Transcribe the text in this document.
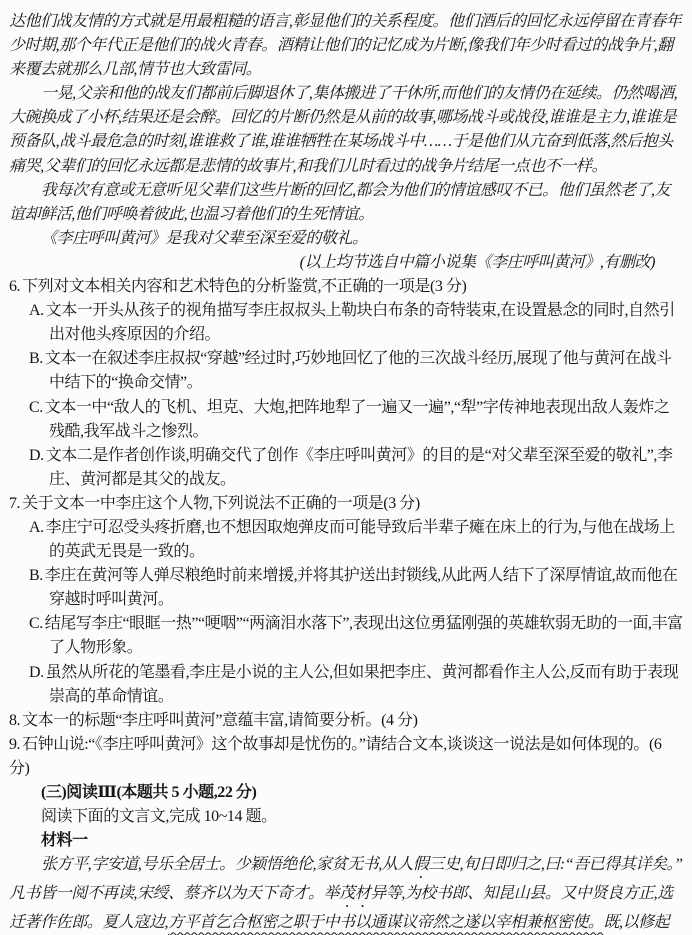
达他们战友情的方式就是用最粗糙的语言,彰显他们的关系程度。他们酒后的回忆永远停留在青春年少时期,那个年代正是他们的战火青春。酒精让他们的记忆成为片断,像我们年少时看过的战争片,翻来覆去就那么几部,情节也大致雷同。

一晃,父亲和他的战友们都前后脚退休了,集体搬进了干休所,而他们的友情仍在延续。仍然喝酒,大碗换成了小杯,结果还是会醉。回忆的片断仍然是从前的故事,哪场战斗或战役,谁谁是主力,谁谁是预备队,战斗最危急的时刻,谁谁救了谁,谁谁牺牲在某场战斗中……于是他们从亢奋到低落,然后抱头痛哭,父辈们的回忆永远都是悲情的故事片,和我们儿时看过的战争片结尾一点也不一样。

我每次有意或无意听见父辈们这些片断的回忆,都会为他们的情谊感叹不已。他们虽然老了,友谊却鲜活,他们呼唤着彼此,也温习着他们的生死情谊。

《李庄呼叫黄河》是我对父辈至深至爱的敬礼。

(以上均节选自中篇小说集《李庄呼叫黄河》,有删改)

6. 下列对文本相关内容和艺术特色的分析鉴赏,不正确的一项是(3 分)
A. 文本一开头从孩子的视角描写李庄叔叔头上勒块白布条的奇特装束,在设置悬念的同时,自然引出对他头疼原因的介绍。
B. 文本一在叙述李庄叔叔“穿越”经过时,巧妙地回忆了他的三次战斗经历,展现了他与黄河在战斗中结下的“换命交情”。
C. 文本一中“敌人的飞机、坦克、大炮,把阵地犁了一遍又一遍”,“犁”字传神地表现出敌人轰炸之残酷,我军战斗之惨烈。
D. 文本二是作者创作谈,明确交代了创作《李庄呼叫黄河》的目的是“对父辈至深至爱的敬礼”,李庄、黄河都是其父的战友。
7. 关于文本一中李庄这个人物,下列说法不正确的一项是(3 分)
A. 李庄宁可忍受头疼折磨,也不想因取炮弹皮而可能导致后半辈子瘫在床上的行为,与他在战场上的英武无畏是一致的。
B. 李庄在黄河等人弹尽粮绝时前来增援,并将其护送出封锁线,从此两人结下了深厚情谊,故而他在穿越时呼叫黄河。
C. 结尾写李庄“眼眶一热”“哽咽”“两滴泪水落下”,表现出这位勇猛刚强的英雄软弱无助的一面,丰富了人物形象。
D. 虽然从所花的笔墨看,李庄是小说的主人公,但如果把李庄、黄河都看作主人公,反而有助于表现崇高的革命情谊。
8. 文本一的标题“李庄呼叫黄河”意蕴丰富,请简要分析。(4 分)
9. 石钟山说:“《李庄呼叫黄河》这个故事却是忧伤的。”请结合文本,谈谈这一说法是如何体现的。(6 分)
(三)阅读Ⅲ(本题共 5 小题,22 分)
阅读下面的文言文,完成 10~14 题。
材料一

张方平,字安道,号乐全居士。少颖悟绝伦,家贫无书,从人假三史,旬日即归之,曰:“吾已得其详矣。”凡书皆一阅不再读,宋绶、蔡齐以为天下奇才。举茂材异等,为校书郎、知昆山县。又中贤良方正,选迁著作佐郎。夏人寇边,方平首乞合枢密之职于中书以通谋议帝然之遂以宰相兼枢密使。既,以修起
